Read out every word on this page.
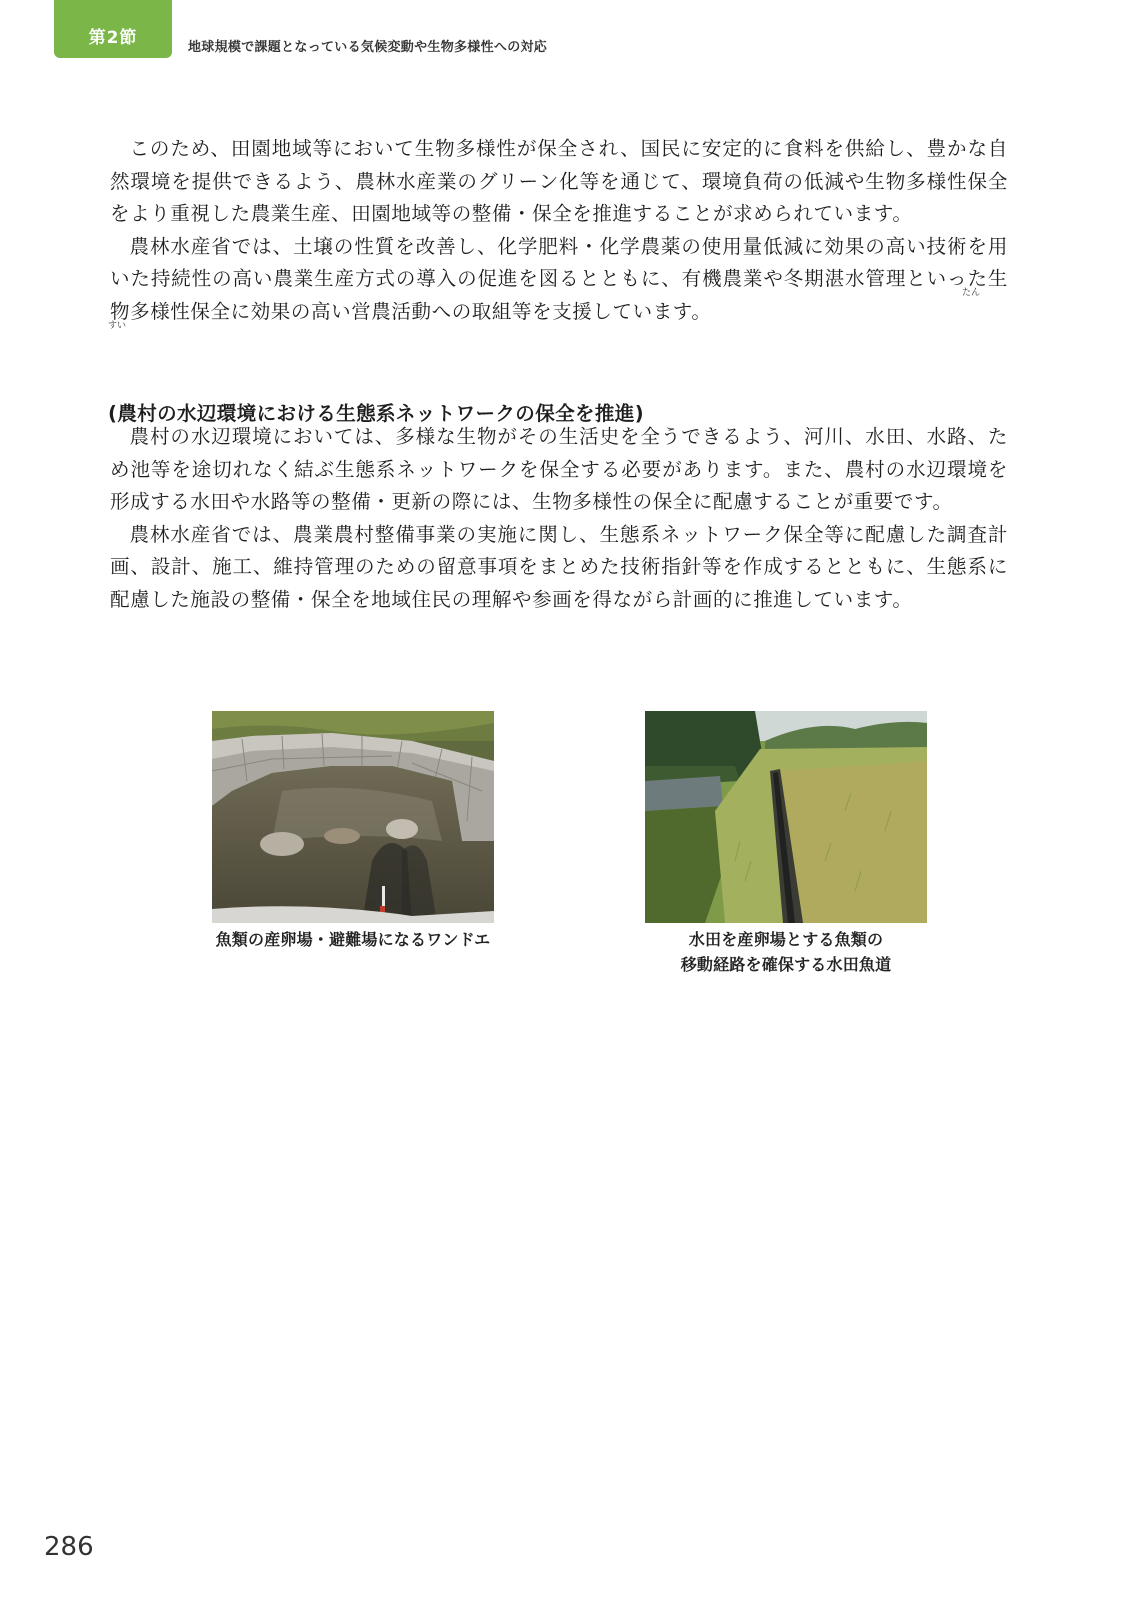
第2節	地球規模で課題となっている気候変動や生物多様性への対応

このため、田園地域等において生物多様性が保全され、国民に安定的に食料を供給し、豊かな自然環境を提供できるよう、農林水産業のグリーン化等を通じて、環境負荷の低減や生物多様性保全をより重視した農業生産、田園地域等の整備・保全を推進することが求められています。

農林水産省では、土壌の性質を改善し、化学肥料・化学農薬の使用量低減に効果の高い技術を用いた持続性の高い農業生産方式の導入の促進を図るとともに、有機農業や冬期湛水管理といった生物多様性保全に効果の高い営農活動への取組等を支援しています。

たん
すい
(農村の水辺環境における生態系ネットワークの保全を推進)

農村の水辺環境においては、多様な生物がその生活史を全うできるよう、河川、水田、水路、ため池等を途切れなく結ぶ生態系ネットワークを保全する必要があります。また、農村の水辺環境を形成する水田や水路等の整備・更新の際には、生物多様性の保全に配慮することが重要です。

農林水産省では、農業農村整備事業の実施に関し、生態系ネットワーク保全等に配慮した調査計画、設計、施工、維持管理のための留意事項をまとめた技術指針等を作成するとともに、生態系に配慮した施設の整備・保全を地域住民の理解や参画を得ながら計画的に推進しています。

魚類の産卵場・避難場になるワンドエ	水田を産卵場とする魚類の
移動経路を確保する水田魚道
286
